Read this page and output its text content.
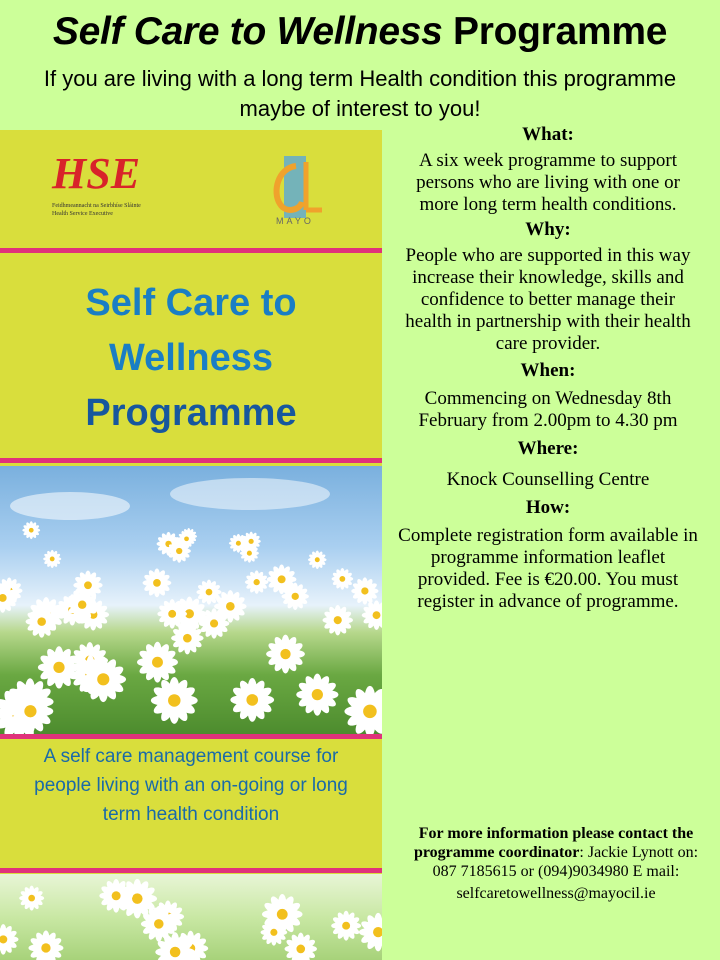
Self Care to Wellness Programme
If you are living with a long term Health condition this programme maybe of interest to you!
HSE
Feidhmeannacht na Seirbhíse Sláinte
Health Service Executive
MAYO
Self Care to
Wellness
Programme
A self care management course for people living with an on-going or long term health condition
What:
A six week programme to support persons who are living with one or more long term health conditions.
Why:
People who are supported in this way increase their knowledge, skills and confidence to better manage their health in partnership with their health care provider.
When:
Commencing on Wednesday 8th February from 2.00pm to 4.30 pm
Where:
Knock Counselling Centre
How:
Complete registration form available in programme information leaflet provided. Fee is €20.00. You must register in advance of programme.
For more information please contact the programme coordinator: Jackie Lynott on: 087 7185615 or (094)9034980 E mail:
selfcaretowellness@mayocil.ie
